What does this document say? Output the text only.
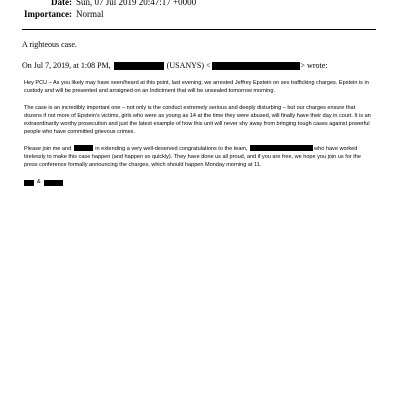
Date: Sun, 07 Jul 2019 20:47:17 +0000
Importance: Normal
A righteous case.
On Jul 7, 2019, at 1:08 PM,	(USANYS) <	> wrote:

Hey PCU – As you likely may have seen/heard at this point, last evening, we arrested Jeffrey Epstein on sex trafficking charges. Epstein is in custody and will be presented and arraigned on an Indictment that will be unsealed tomorrow morning.

The case is an incredibly important one – not only is the conduct extremely serious and deeply disturbing – but our charges ensure that dozens if not more of Epstein’s victims, girls who were as young as 14 at the time they were abused, will finally have their day in court. It is an extraordinarily worthy prosecution and just the latest example of how this unit will never shy away from bringing tough cases against powerful people who have committed grievous crimes.

Please join me and	in extending a very well-deserved congratulations to the team,	who have worked tirelessly to make this case happen (and happen so quickly). They have done us all proud, and if you are free, we hope you join us for the press conference formally announcing the charges, which should happen Monday morning at 11.

&
